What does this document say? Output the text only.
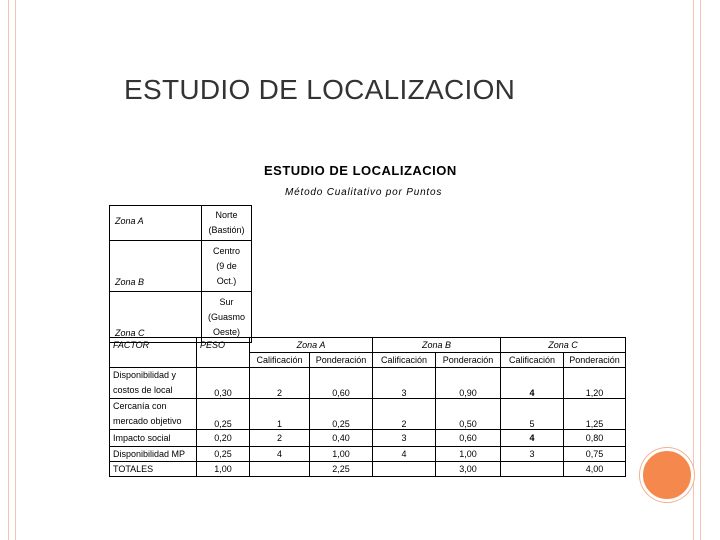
ESTUDIO DE LOCALIZACION
ESTUDIO DE LOCALIZACION
Método Cualitativo por Puntos
Zona A	Norte
(Bastión)

Zona B	Centro
(9 de
Oct.)

Zona C	Sur
(Guasmo
Oeste)
FACTOR	PESO	Zona A		Zona B		Zona C	
		Calificación	Ponderación	Calificación	Ponderación	Calificación	Ponderación

Disponibilidad y
costos de local	0,30	2	0,60	3	0,90	4	1,20

Cercanía con
mercado objetivo	0,25	1	0,25	2	0,50	5	1,25
Impacto social	0,20	2	0,40	3	0,60	4	0,80
Disponibilidad MP	0,25	4	1,00	4	1,00	3	0,75
TOTALES	1,00		2,25		3,00		4,00
